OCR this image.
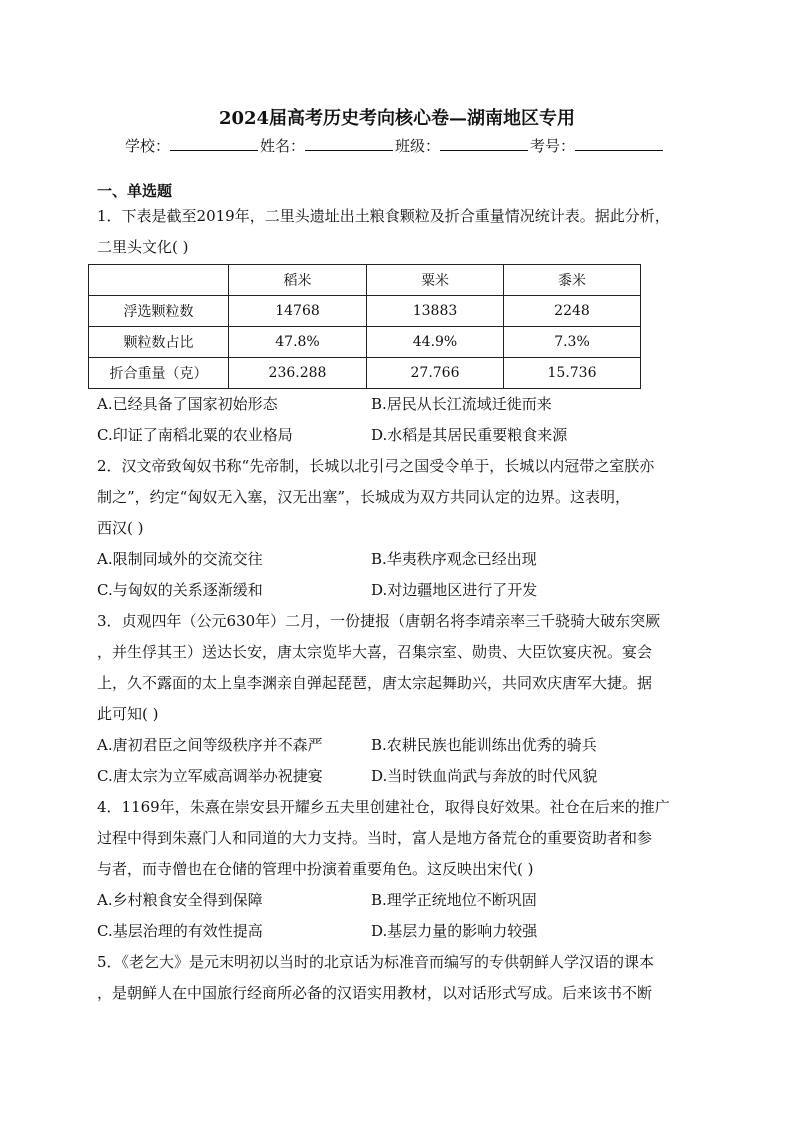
2024届高考历史考向核心卷—湖南地区专用
学校：	姓名：	班级：	考号：
一、单选题
1．下表是截至2019年，二里头遗址出土粮食颗粒及折合重量情况统计表。据此分析，
二里头文化( )
	稻米	粟米	黍米
浮选颗粒数	14768	13883	2248
颗粒数占比	47.8%	44.9%	7.3%
折合重量（克）	236.288	27.766	15.736
A.已经具备了国家初始形态	B.居民从长江流域迁徙而来
C.印证了南稻北粟的农业格局	D.水稻是其居民重要粮食来源
2．汉文帝致匈奴书称“先帝制，长城以北引弓之国受令单于，长城以内冠带之室朕亦
制之”，约定“匈奴无入塞，汉无出塞”，长城成为双方共同认定的边界。这表明，
西汉( )
A.限制同域外的交流交往	B.华夷秩序观念已经出现
C.与匈奴的关系逐渐缓和	D.对边疆地区进行了开发
3．贞观四年（公元630年）二月，一份捷报（唐朝名将李靖亲率三千骁骑大破东突厥
，并生俘其王）送达长安，唐太宗览毕大喜，召集宗室、勋贵、大臣饮宴庆祝。宴会
上，久不露面的太上皇李渊亲自弹起琵琶，唐太宗起舞助兴，共同欢庆唐军大捷。据
此可知( )
A.唐初君臣之间等级秩序并不森严	B.农耕民族也能训练出优秀的骑兵
C.唐太宗为立军威高调举办祝捷宴	D.当时铁血尚武与奔放的时代风貌
4．1169年，朱熹在崇安县开耀乡五夫里创建社仓，取得良好效果。社仓在后来的推广
过程中得到朱熹门人和同道的大力支持。当时，富人是地方备荒仓的重要资助者和参
与者，而寺僧也在仓储的管理中扮演着重要角色。这反映出宋代( )
A.乡村粮食安全得到保障	B.理学正统地位不断巩固
C.基层治理的有效性提高	D.基层力量的影响力较强
5．《老乞大》是元末明初以当时的北京话为标准音而编写的专供朝鲜人学汉语的课本
，是朝鲜人在中国旅行经商所必备的汉语实用教材，以对话形式写成。后来该书不断
